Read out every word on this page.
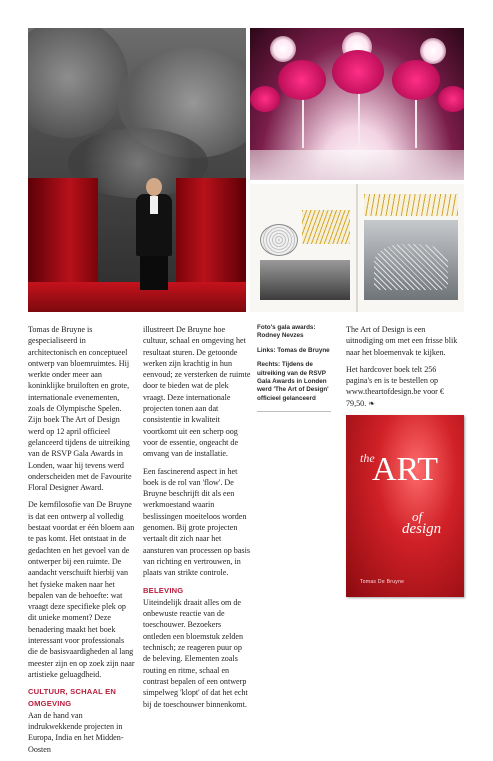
Tomas de Bruyne is gespecialiseerd in architectonisch en conceptueel ontwerp van bloemruimtes. Hij werkte onder meer aan koninklijke bruiloften en grote, internationale evenementen, zoals de Olympische Spelen. Zijn boek The Art of Design werd op 12 april officieel gelanceerd tijdens de uitreiking van de RSVP Gala Awards in Londen, waar hij tevens werd onderscheiden met de Favourite Floral Designer Award.

De kernfilosofie van De Bruyne is dat een ontwerp al volledig bestaat voordat er één bloem aan te pas komt. Het ontstaat in de gedachten en het gevoel van de ontwerper bij een ruimte. De aandacht verschuift hierbij van het fysieke maken naar het bepalen van de behoefte: wat vraagt deze specifieke plek op dit unieke moment? Deze benadering maakt het boek interessant voor professionals die de basisvaardigheden al lang meester zijn en op zoek zijn naar artistieke geluagdheid.

CULTUUR, SCHAAL EN OMGEVING

Aan de hand van indrukwekkende projecten in Europa, India en het Midden-Oosten

illustreert De Bruyne hoe cultuur, schaal en omgeving het resultaat sturen. De getoonde werken zijn krachtig in hun eenvoud; ze versterken de ruimte door te bieden wat de plek vraagt. Deze internationale projecten tonen aan dat consistentie in kwaliteit voortkomt uit een scherp oog voor de essentie, ongeacht de omvang van de installatie.

Een fascinerend aspect in het boek is de rol van 'flow'. De Bruyne beschrijft dit als een werkmoestand waarin beslissingen moeiteloos worden genomen. Bij grote projecten vertaalt dit zich naar het aansturen van processen op basis van richting en vertrouwen, in plaats van strikte controle.

BELEVING

Uiteindelijk draait alles om de onbewuste reactie van de toeschouwer. Bezoekers ontleden een bloemstuk zelden technisch; ze reageren puur op de beleving. Elementen zoals routing en ritme, schaal en contrast bepalen of een ontwerp simpelweg 'klopt' of dat het echt bij de toeschouwer binnenkomt.

Foto's gala awards: Rodney Nevzes
Links: Tomas de Bruyne
Rechts: Tijdens de uitreiking van de RSVP Gala Awards in Londen werd 'The Art of Design' officieel gelanceerd

The Art of Design is een uitnodiging om met een frisse blik naar het bloemenvak te kijken.

Het hardcover boek telt 256 pagina's en is te bestellen op www.theartofdesign.be voor € 79,50. ❧

the
ART
of
design
Tomas De Bruyne
